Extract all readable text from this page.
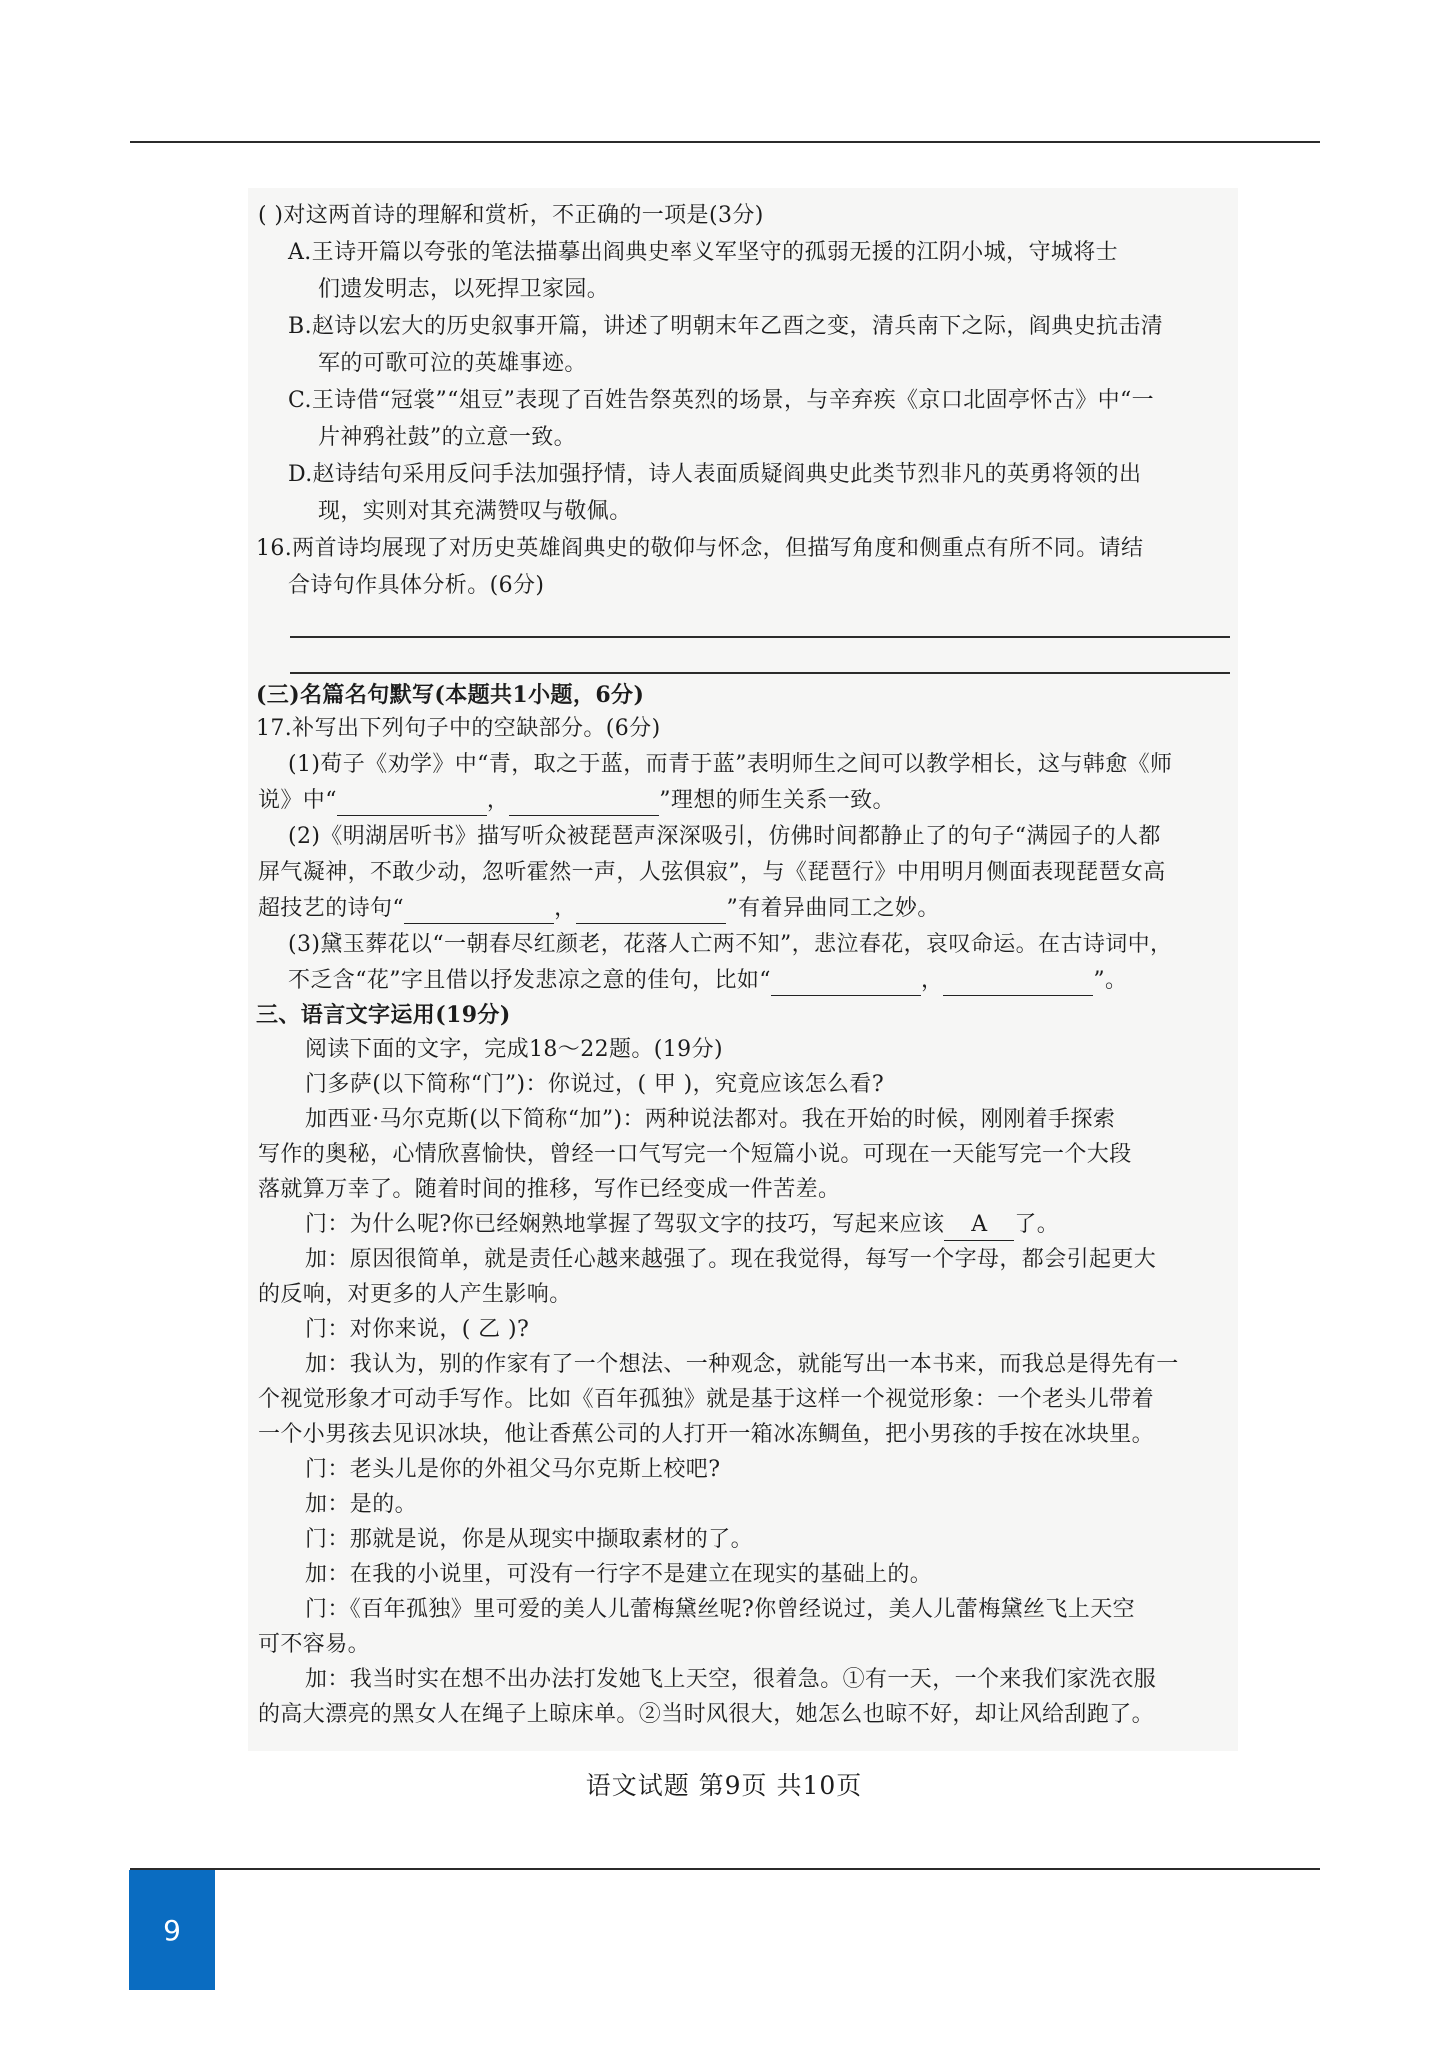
( )对这两首诗的理解和赏析，不正确的一项是(3分)
A.王诗开篇以夸张的笔法描摹出阎典史率义军坚守的孤弱无援的江阴小城，守城将士
们遗发明志，以死捍卫家园。
B.赵诗以宏大的历史叙事开篇，讲述了明朝末年乙酉之变，清兵南下之际，阎典史抗击清
军的可歌可泣的英雄事迹。
C.王诗借“冠裳”“俎豆”表现了百姓告祭英烈的场景，与辛弃疾《京口北固亭怀古》中“一
片神鸦社鼓”的立意一致。
D.赵诗结句采用反问手法加强抒情，诗人表面质疑阎典史此类节烈非凡的英勇将领的出
现，实则对其充满赞叹与敬佩。
16.两首诗均展现了对历史英雄阎典史的敬仰与怀念，但描写角度和侧重点有所不同。请结
合诗句作具体分析。(6分)
(三)名篇名句默写(本题共1小题，6分)
17.补写出下列句子中的空缺部分。(6分)
(1)荀子《劝学》中“青，取之于蓝，而青于蓝”表明师生之间可以教学相长，这与韩愈《师
说》中“	，	”理想的师生关系一致。
(2)《明湖居听书》描写听众被琵琶声深深吸引，仿佛时间都静止了的句子“满园子的人都
屏气凝神，不敢少动，忽听霍然一声，人弦俱寂”，与《琵琶行》中用明月侧面表现琵琶女高
超技艺的诗句“	，	”有着异曲同工之妙。
(3)黛玉葬花以“一朝春尽红颜老，花落人亡两不知”，悲泣春花，哀叹命运。在古诗词中，
不乏含“花”字且借以抒发悲凉之意的佳句，比如“	，	”。
三、语言文字运用(19分)
阅读下面的文字，完成18～22题。(19分)
门多萨(以下简称“门”)：你说过，( 甲 )，究竟应该怎么看?
加西亚·马尔克斯(以下简称“加”)：两种说法都对。我在开始的时候，刚刚着手探索
写作的奥秘，心情欣喜愉快，曾经一口气写完一个短篇小说。可现在一天能写完一个大段
落就算万幸了。随着时间的推移，写作已经变成一件苦差。
门：为什么呢?你已经娴熟地掌握了驾驭文字的技巧，写起来应该 A 了。
加：原因很简单，就是责任心越来越强了。现在我觉得，每写一个字母，都会引起更大
的反响，对更多的人产生影响。
门：对你来说，( 乙 )?
加：我认为，别的作家有了一个想法、一种观念，就能写出一本书来，而我总是得先有一
个视觉形象才可动手写作。比如《百年孤独》就是基于这样一个视觉形象：一个老头儿带着
一个小男孩去见识冰块，他让香蕉公司的人打开一箱冰冻鲷鱼，把小男孩的手按在冰块里。
门：老头儿是你的外祖父马尔克斯上校吧?
加：是的。
门：那就是说，你是从现实中撷取素材的了。
加：在我的小说里，可没有一行字不是建立在现实的基础上的。
门：《百年孤独》里可爱的美人儿蕾梅黛丝呢?你曾经说过，美人儿蕾梅黛丝飞上天空
可不容易。
加：我当时实在想不出办法打发她飞上天空，很着急。①有一天，一个来我们家洗衣服
的高大漂亮的黑女人在绳子上晾床单。②当时风很大，她怎么也晾不好，却让风给刮跑了。
语文试题 第9页 共10页
9
